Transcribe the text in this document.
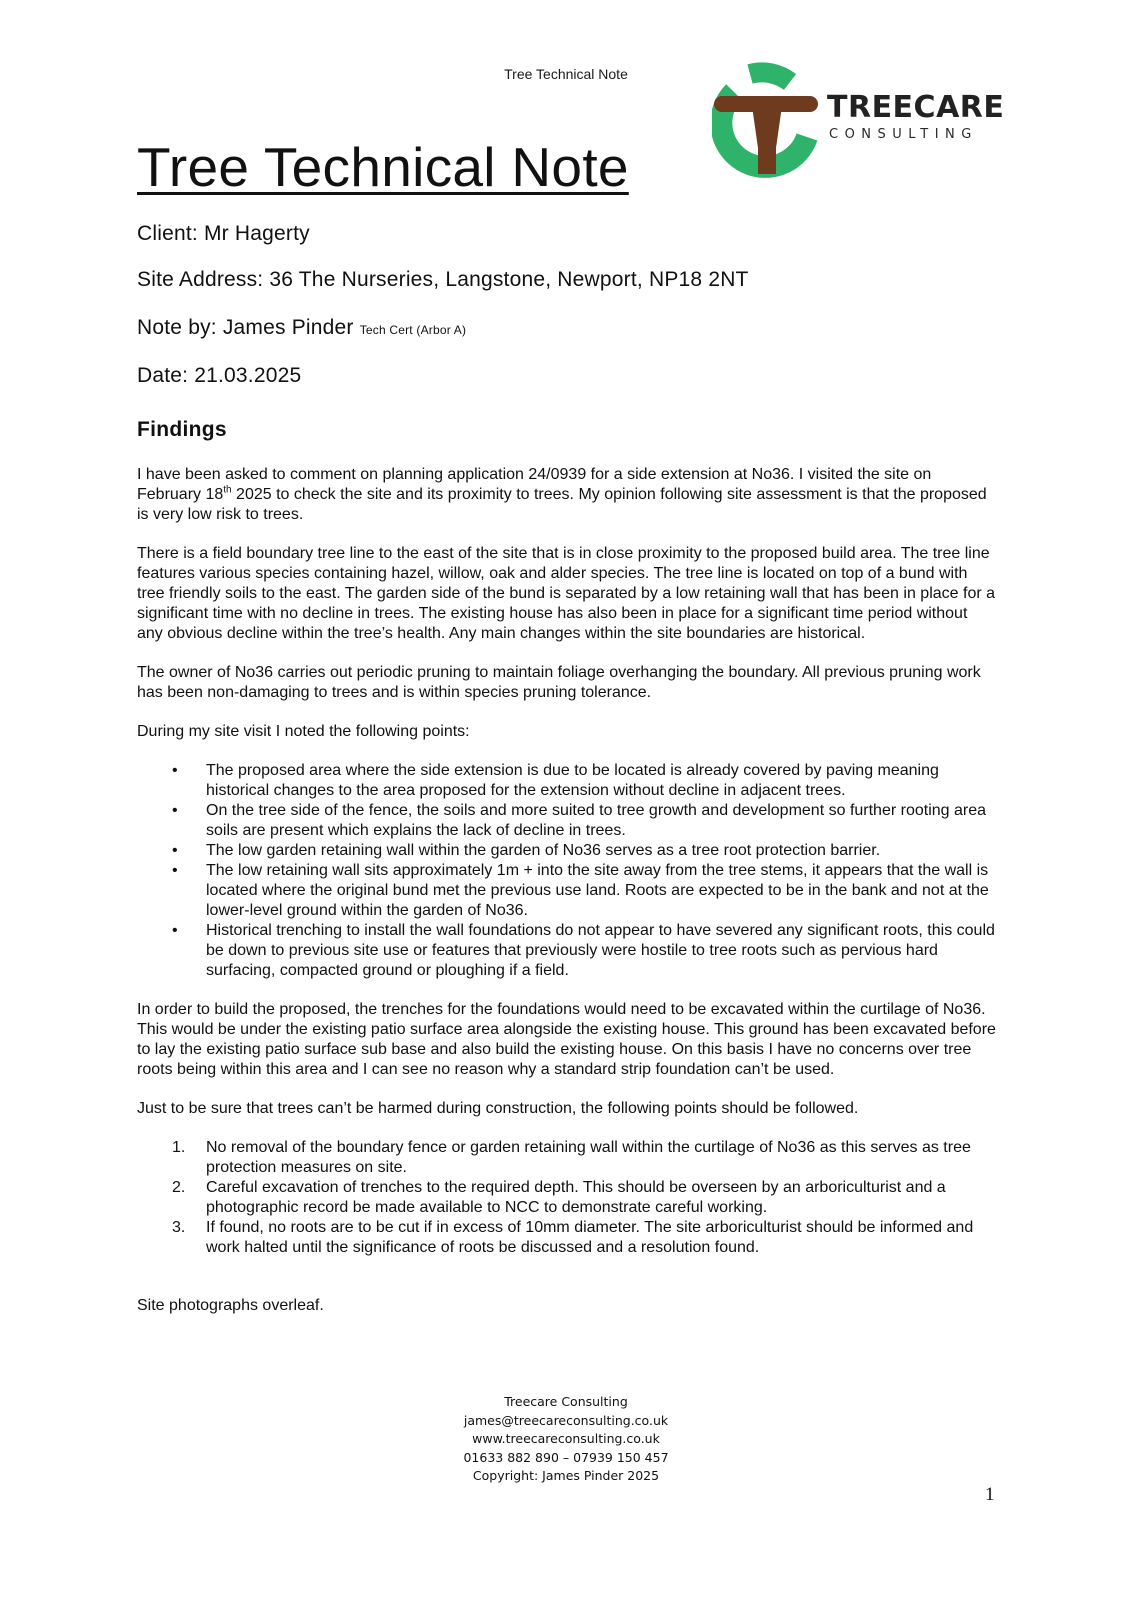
Tree Technical Note
TREECARE
CONSULTING
Tree Technical Note

Client: Mr Hagerty

Site Address: 36 The Nurseries, Langstone, Newport, NP18 2NT

Note by: James Pinder Tech Cert (Arbor A)

Date: 21.03.2025

Findings

I have been asked to comment on planning application 24/0939 for a side extension at No36. I visited the site on February 18th 2025 to check the site and its proximity to trees. My opinion following site assessment is that the proposed is very low risk to trees.

There is a field boundary tree line to the east of the site that is in close proximity to the proposed build area. The tree line features various species containing hazel, willow, oak and alder species. The tree line is located on top of a bund with tree friendly soils to the east. The garden side of the bund is separated by a low retaining wall that has been in place for a significant time with no decline in trees. The existing house has also been in place for a significant time period without any obvious decline within the tree’s health. Any main changes within the site boundaries are historical.

The owner of No36 carries out periodic pruning to maintain foliage overhanging the boundary. All previous pruning work has been non-damaging to trees and is within species pruning tolerance.

During my site visit I noted the following points:

• The proposed area where the side extension is due to be located is already covered by paving meaning historical changes to the area proposed for the extension without decline in adjacent trees.
• On the tree side of the fence, the soils and more suited to tree growth and development so further rooting area soils are present which explains the lack of decline in trees.
• The low garden retaining wall within the garden of No36 serves as a tree root protection barrier.
• The low retaining wall sits approximately 1m + into the site away from the tree stems, it appears that the wall is located where the original bund met the previous use land. Roots are expected to be in the bank and not at the lower-level ground within the garden of No36.
• Historical trenching to install the wall foundations do not appear to have severed any significant roots, this could be down to previous site use or features that previously were hostile to tree roots such as pervious hard surfacing, compacted ground or ploughing if a field.

In order to build the proposed, the trenches for the foundations would need to be excavated within the curtilage of No36. This would be under the existing patio surface area alongside the existing house. This ground has been excavated before to lay the existing patio surface sub base and also build the existing house. On this basis I have no concerns over tree roots being within this area and I can see no reason why a standard strip foundation can’t be used.

Just to be sure that trees can’t be harmed during construction, the following points should be followed.

1. No removal of the boundary fence or garden retaining wall within the curtilage of No36 as this serves as tree protection measures on site.
2. Careful excavation of trenches to the required depth. This should be overseen by an arboriculturist and a photographic record be made available to NCC to demonstrate careful working.
3. If found, no roots are to be cut if in excess of 10mm diameter. The site arboriculturist should be informed and work halted until the significance of roots be discussed and a resolution found.

Site photographs overleaf.

Treecare Consulting
james@treecareconsulting.co.uk
www.treecareconsulting.co.uk
01633 882 890 – 07939 150 457
Copyright: James Pinder 2025
1
